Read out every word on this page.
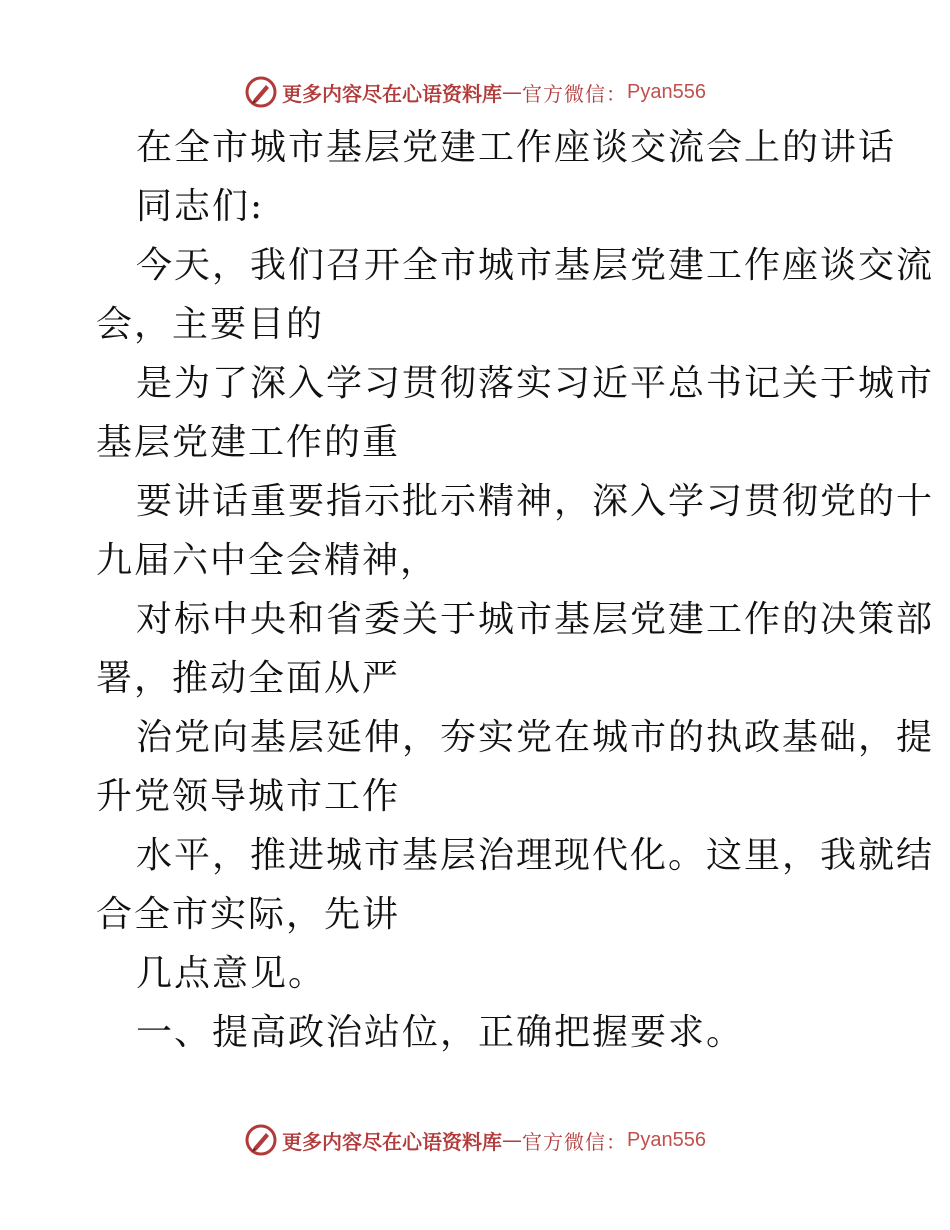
更多内容尽在心语资料库 — 官方微信： Pyan556
在全市城市基层党建工作座谈交流会上的讲话
同志们:
今天，我们召开全市城市基层党建工作座谈交流
会，主要目的
是为了深入学习贯彻落实习近平总书记关于城市
基层党建工作的重
要讲话重要指示批示精神，深入学习贯彻党的十
九届六中全会精神，
对标中央和省委关于城市基层党建工作的决策部
署，推动全面从严
治党向基层延伸，夯实党在城市的执政基础，提
升党领导城市工作
水平，推进城市基层治理现代化。这里，我就结
合全市实际，先讲
几点意见。
一、提高政治站位，正确把握要求。
更多内容尽在心语资料库 — 官方微信： Pyan556
